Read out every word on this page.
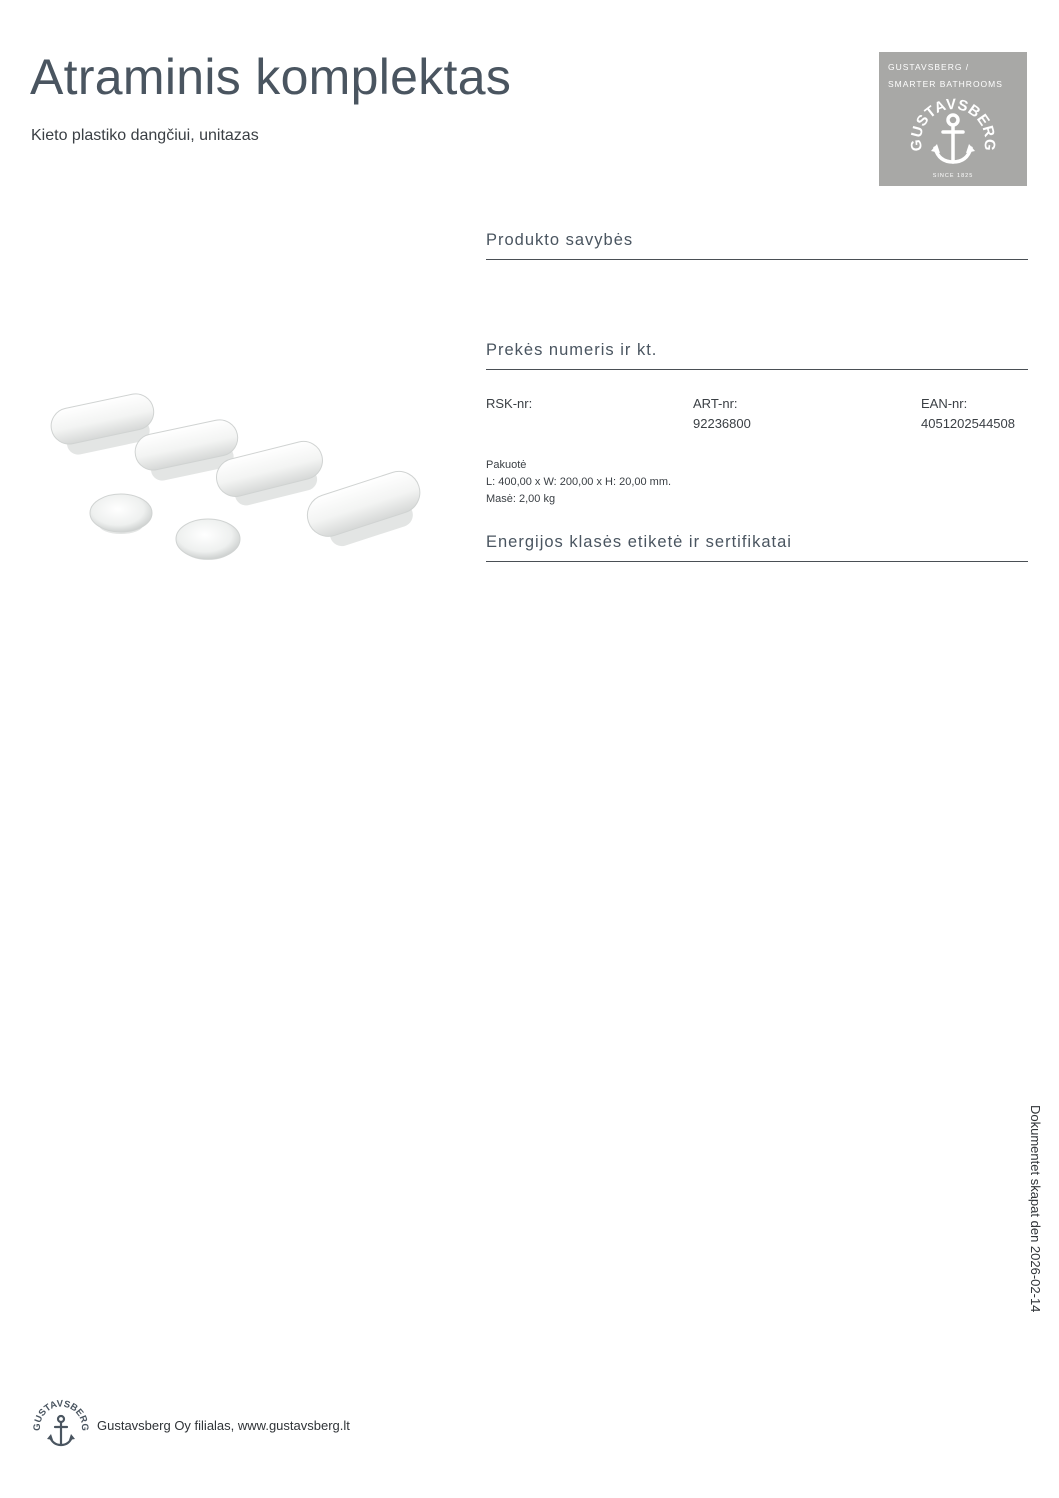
Atraminis komplektas
Kieto plastiko dangčiui, unitazas
GUSTAVSBERG /
SMARTER BATHROOMS
GUSTAVSBERG
SINCE 1825
Produkto savybės
Prekės numeris ir kt.
RSK-nr:	ART-nr:
92236800
EAN-nr:
4051202544508
Pakuotė
L: 400,00 x W: 200,00 x H: 20,00 mm.
Masė: 2,00 kg
Energijos klasės etiketė ir sertifikatai
Dokumentet skapat den 2026-02-14
GUSTAVSBERG Gustavsberg Oy filialas, www.gustavsberg.lt
